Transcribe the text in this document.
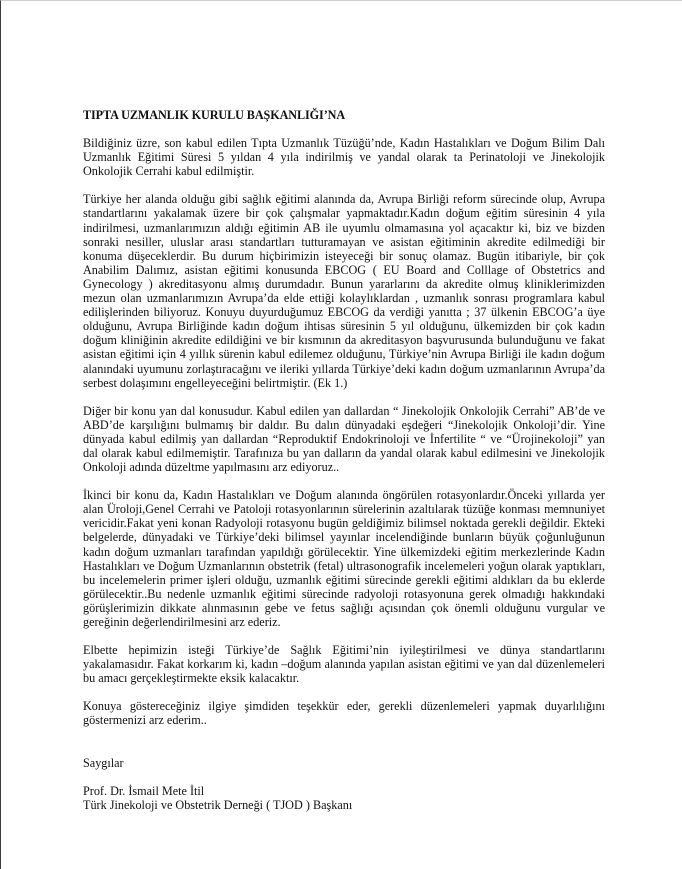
TIPTA UZMANLIK KURULU BAŞKANLIĞI’NA

Bildiğiniz üzre, son kabul edilen Tıpta Uzmanlık Tüzüğü’nde, Kadın Hastalıkları ve Doğum Bilim Dalı Uzmanlık Eğitimi Süresi 5 yıldan 4 yıla indirilmiş ve yandal olarak ta Perinatoloji ve Jinekolojik Onkolojik Cerrahi kabul edilmiştir.

Türkiye her alanda olduğu gibi sağlık eğitimi alanında da, Avrupa Birliği reform sürecinde olup, Avrupa standartlarını yakalamak üzere bir çok çalışmalar yapmaktadır.Kadın doğum eğitim süresinin 4 yıla indirilmesi, uzmanlarımızın aldığı eğitimin AB ile uyumlu olmamasına yol açacaktır ki, biz ve bizden sonraki nesiller, uluslar arası standartları tutturamayan ve asistan eğitiminin akredite edilmediği bir konuma düşeceklerdir. Bu durum hiçbirimizin isteyeceği bir sonuç olamaz. Bugün itibariyle, bir çok Anabilim Dalımız, asistan eğitimi konusunda EBCOG ( EU Board and Colllage of Obstetrics and Gynecology ) akreditasyonu almış durumdadır. Bunun yararlarını da akredite olmuş kliniklerimizden mezun olan uzmanlarımızın Avrupa’da elde ettiği kolaylıklardan , uzmanlık sonrası programlara kabul edilişlerinden biliyoruz. Konuyu duyurduğumuz EBCOG da verdiği yanıtta ; 37 ülkenin EBCOG’a üye olduğunu, Avrupa Birliğinde kadın doğum ihtisas süresinin 5 yıl olduğunu, ülkemizden bir çok kadın doğum kliniğinin akredite edildiğini ve bir kısmının da akreditasyon başvurusunda bulunduğunu ve fakat asistan eğitimi için 4 yıllık sürenin kabul edilemez olduğunu, Türkiye’nin Avrupa Birliği ile kadın doğum alanındaki uyumunu zorlaştıracağını ve ileriki yıllarda Türkiye’deki kadın doğum uzmanlarının Avrupa’da serbest dolaşımını engelleyeceğini belirtmiştir. (Ek 1.)

Diğer bir konu yan dal konusudur. Kabul edilen yan dallardan “ Jinekolojik Onkolojik Cerrahi” AB’de ve ABD’de karşılığını bulmamış bir daldır. Bu dalın dünyadaki eşdeğeri “Jinekolojik Onkoloji’dir. Yine dünyada kabul edilmiş yan dallardan “Reproduktif Endokrinoloji ve İnfertilite “ ve “Ürojinekoloji” yan dal olarak kabul edilmemiştir. Tarafınıza bu yan dalların da yandal olarak kabul edilmesini ve Jinekolojik Onkoloji adında düzeltme yapılmasını arz ediyoruz..

İkinci bir konu da, Kadın Hastalıkları ve Doğum alanında öngörülen rotasyonlardır.Önceki yıllarda yer alan Üroloji,Genel Cerrahi ve Patoloji rotasyonlarının sürelerinin azaltılarak tüzüğe konması memnuniyet vericidir.Fakat yeni konan Radyoloji rotasyonu bugün geldiğimiz bilimsel noktada gerekli değildir. Ekteki belgelerde, dünyadaki ve Türkiye’deki bilimsel yayınlar incelendiğinde bunların büyük çoğunluğunun kadın doğum uzmanları tarafından yapıldığı görülecektir. Yine ülkemizdeki eğitim merkezlerinde Kadın Hastalıkları ve Doğum Uzmanlarının obstetrik (fetal) ultrasonografik incelemeleri yoğun olarak yaptıkları, bu incelemelerin primer işleri olduğu, uzmanlık eğitimi sürecinde gerekli eğitimi aldıkları da bu eklerde görülecektir..Bu nedenle uzmanlık eğitimi sürecinde radyoloji rotasyonuna gerek olmadığı hakkındaki görüşlerimizin dikkate alınmasının gebe ve fetus sağlığı açısından çok önemli olduğunu vurgular ve gereğinin değerlendirilmesini arz ederiz.

Elbette hepimizin isteği Türkiye’de Sağlık Eğitimi’nin iyileştirilmesi ve dünya standartlarını yakalamasıdır. Fakat korkarım ki, kadın –doğum alanında yapılan asistan eğitimi ve yan dal düzenlemeleri bu amacı gerçekleştirmekte eksik kalacaktır.

Konuya göstereceğiniz ilgiye şimdiden teşekkür eder, gerekli düzenlemeleri yapmak duyarlılığını göstermenizi arz ederim..

Saygılar

Prof. Dr. İsmail Mete İtil

Türk Jinekoloji ve Obstetrik Derneği ( TJOD ) Başkanı
